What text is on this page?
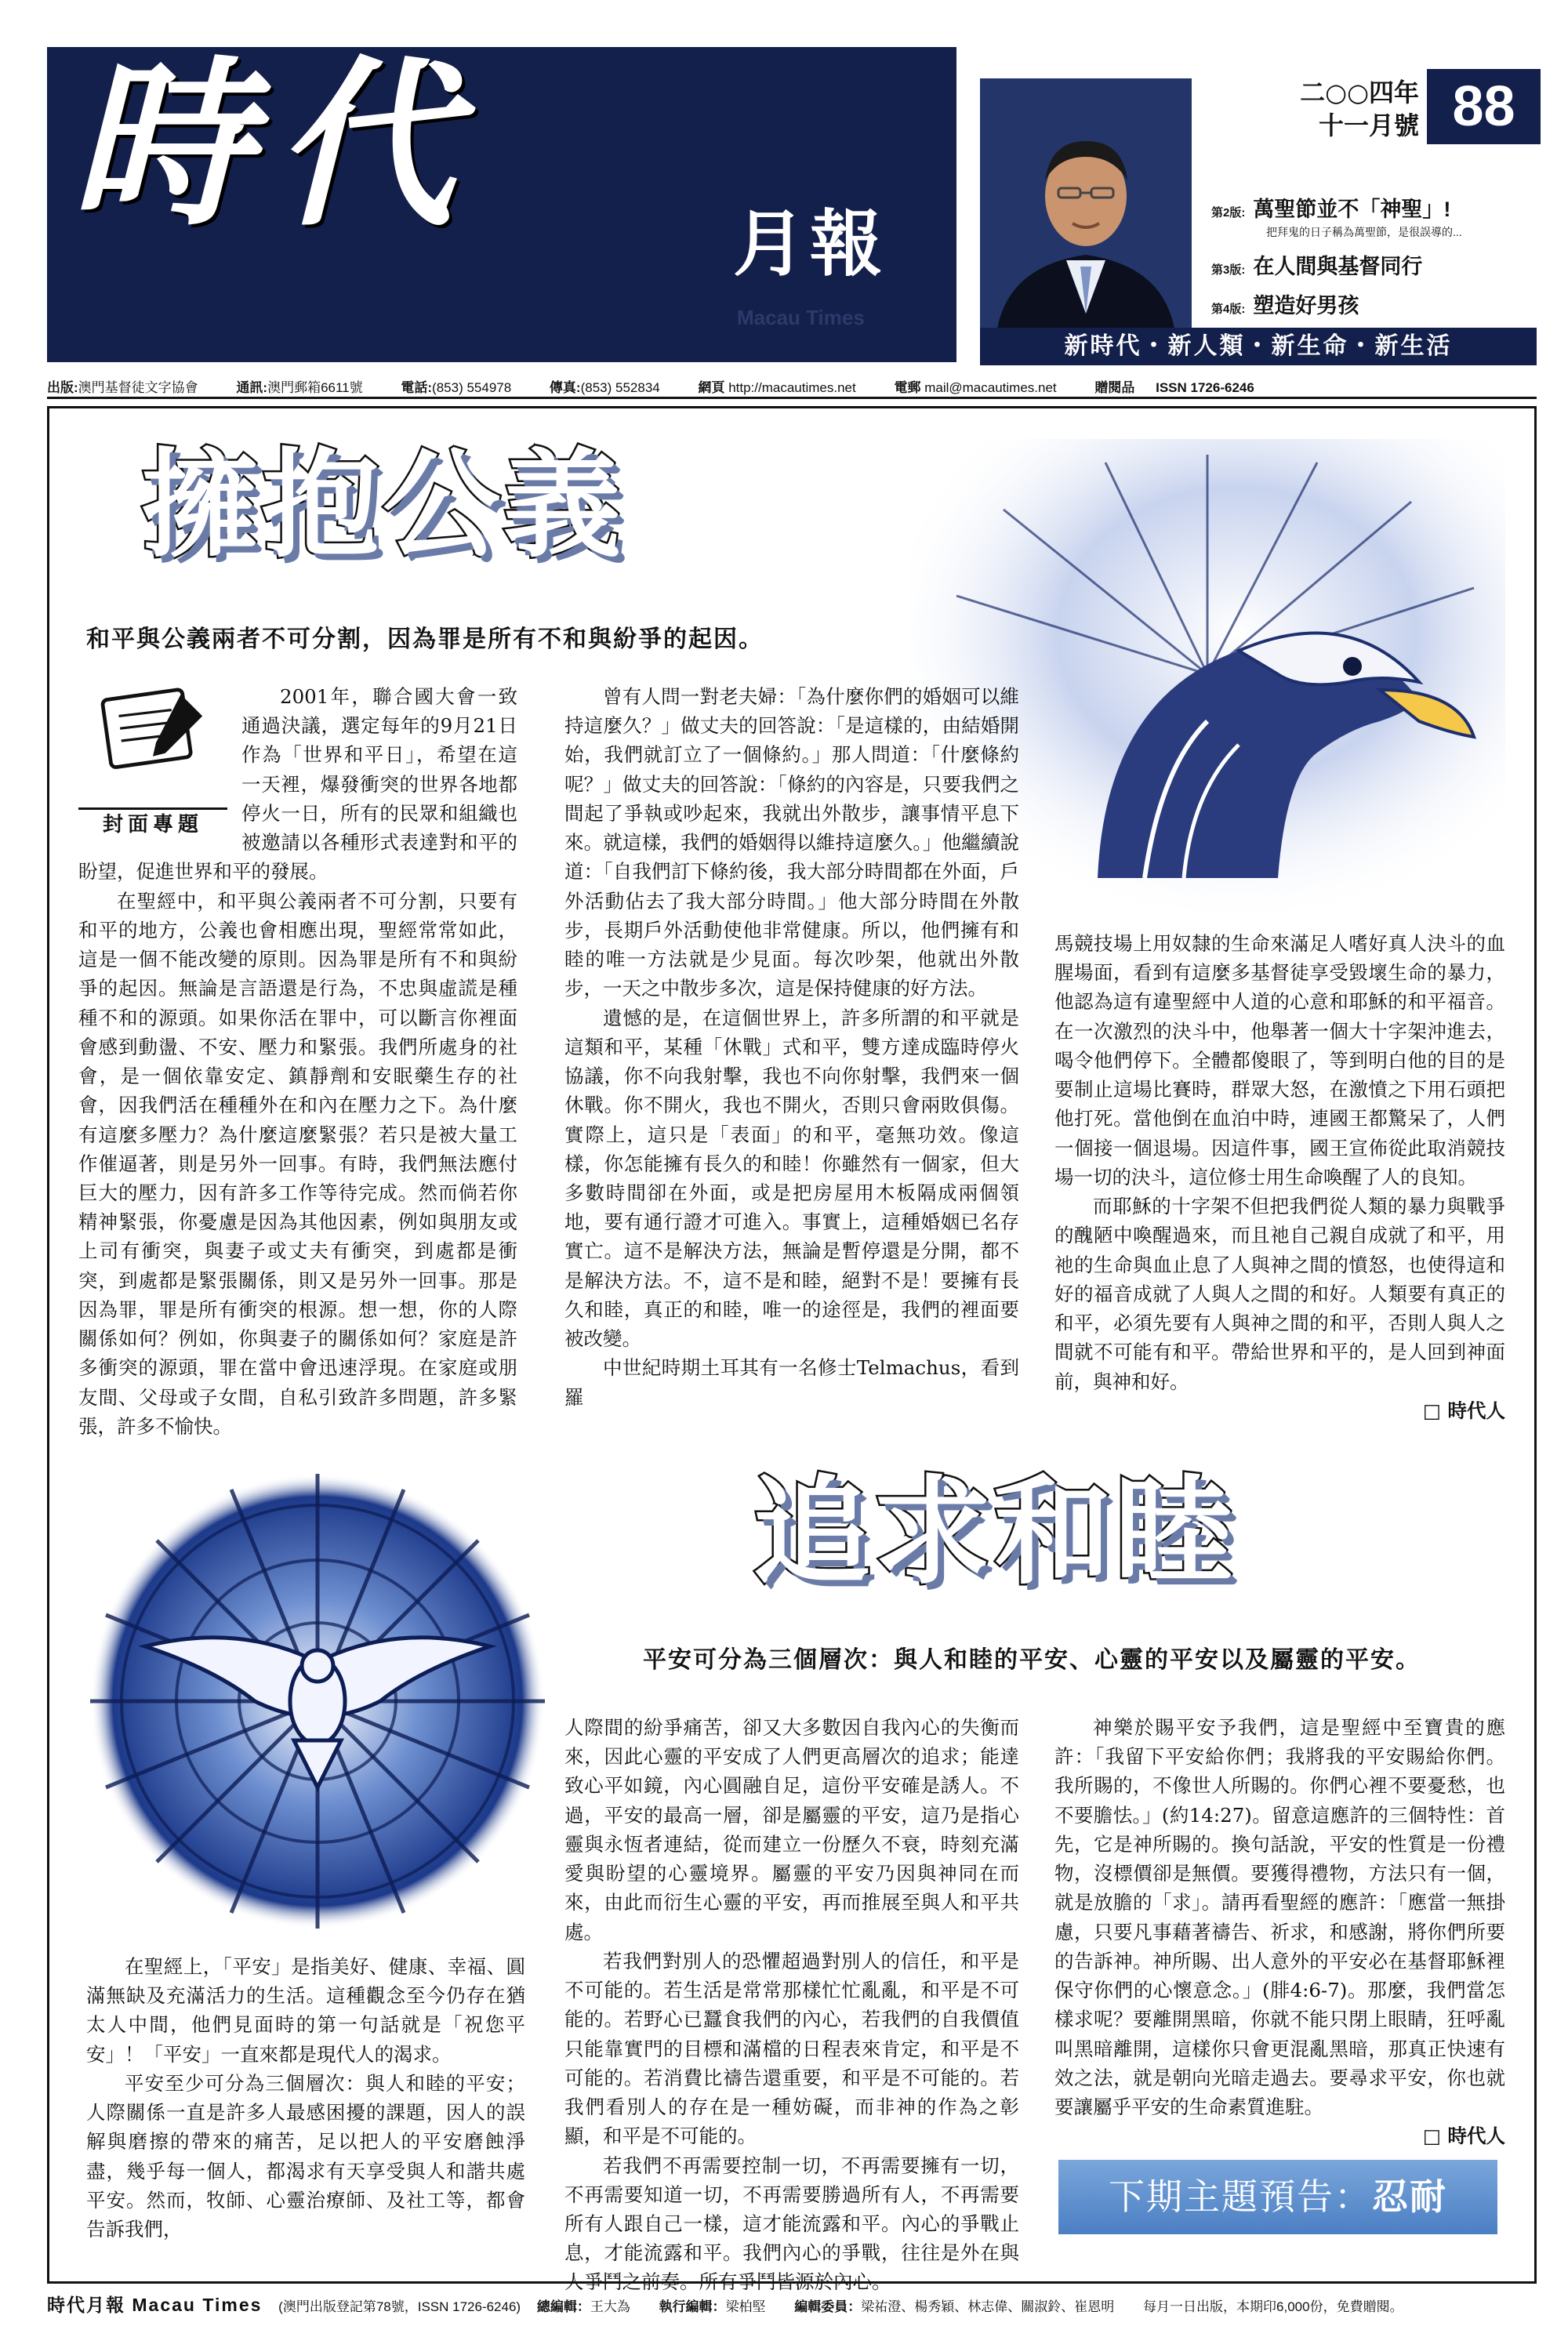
時代	月報
Macau Times
二○○四年
十一月號 88
第2版: 萬聖節並不「神聖」!
把拜鬼的日子稱為萬聖節，是很誤導的...
第3版: 在人間與基督同行
第4版: 塑造好男孩
新時代・新人類・新生命・新生活
出版:澳門基督徒文字協會	通訊:澳門郵箱6611號	電話:(853) 554978	傳真:(853) 552834	網頁 http://macautimes.net	電郵 mail@macautimes.net	贈閱品 ISSN 1726-6246
擁抱公義
和平與公義兩者不可分割，因為罪是所有不和與紛爭的起因。
封面專題

2001年，聯合國大會一致通過決議，選定每年的9月21日作為「世界和平日」，希望在這一天裡，爆發衝突的世界各地都停火一日，所有的民眾和組織也被邀請以各種形式表達對和平的盼望，促進世界和平的發展。

在聖經中，和平與公義兩者不可分割，只要有和平的地方，公義也會相應出現，聖經常常如此，這是一個不能改變的原則。因為罪是所有不和與紛爭的起因。無論是言語還是行為，不忠與虛謊是種種不和的源頭。如果你活在罪中，可以斷言你裡面會感到動盪、不安、壓力和緊張。我們所處身的社會，是一個依靠安定、鎮靜劑和安眠藥生存的社會，因我們活在種種外在和內在壓力之下。為什麼有這麼多壓力？為什麼這麼緊張？若只是被大量工作催逼著，則是另外一回事。有時，我們無法應付巨大的壓力，因有許多工作等待完成。然而倘若你精神緊張，你憂慮是因為其他因素，例如與朋友或上司有衝突，與妻子或丈夫有衝突，到處都是衝突，到處都是緊張關係，則又是另外一回事。那是因為罪，罪是所有衝突的根源。想一想，你的人際關係如何？例如，你與妻子的關係如何？家庭是許多衝突的源頭，罪在當中會迅速浮現。在家庭或朋友間、父母或子女間，自私引致許多問題，許多緊張，許多不愉快。

曾有人問一對老夫婦：「為什麼你們的婚姻可以維持這麼久？」做丈夫的回答說：「是這樣的，由結婚開始，我們就訂立了一個條約。」那人問道：「什麼條約呢？」做丈夫的回答說：「條約的內容是，只要我們之間起了爭執或吵起來，我就出外散步，讓事情平息下來。就這樣，我們的婚姻得以維持這麼久。」他繼續說道：「自我們訂下條約後，我大部分時間都在外面，戶外活動佔去了我大部分時間。」他大部分時間在外散步，長期戶外活動使他非常健康。所以，他們擁有和睦的唯一方法就是少見面。每次吵架，他就出外散步，一天之中散步多次，這是保持健康的好方法。

遺憾的是，在這個世界上，許多所謂的和平就是這類和平，某種「休戰」式和平，雙方達成臨時停火協議，你不向我射擊，我也不向你射擊，我們來一個休戰。你不開火，我也不開火，否則只會兩敗俱傷。實際上，這只是「表面」的和平，毫無功效。像這樣，你怎能擁有長久的和睦！你雖然有一個家，但大多數時間卻在外面，或是把房屋用木板隔成兩個領地，要有通行證才可進入。事實上，這種婚姻已名存實亡。這不是解決方法，無論是暫停還是分開，都不是解決方法。不，這不是和睦，絕對不是！要擁有長久和睦，真正的和睦，唯一的途徑是，我們的裡面要被改變。

中世紀時期土耳其有一名修士Telmachus，看到羅

馬競技場上用奴隸的生命來滿足人嗜好真人決斗的血腥場面，看到有這麼多基督徒享受毀壞生命的暴力，他認為這有違聖經中人道的心意和耶穌的和平福音。在一次激烈的決斗中，他舉著一個大十字架沖進去，喝令他們停下。全體都傻眼了，等到明白他的目的是要制止這場比賽時，群眾大怒，在激憤之下用石頭把他打死。當他倒在血泊中時，連國王都驚呆了，人們一個接一個退場。因這件事，國王宣佈從此取消競技場一切的決斗，這位修士用生命喚醒了人的良知。

而耶穌的十字架不但把我們從人類的暴力與戰爭的醜陋中喚醒過來，而且祂自己親自成就了和平，用祂的生命與血止息了人與神之間的憤怒，也使得這和好的福音成就了人與人之間的和好。人類要有真正的和平，必須先要有人與神之間的和平，否則人與人之間就不可能有和平。帶給世界和平的，是人回到神面前，與神和好。

□ 時代人
追求和睦
平安可分為三個層次：與人和睦的平安、心靈的平安以及屬靈的平安。

在聖經上，「平安」是指美好、健康、幸福、圓滿無缺及充滿活力的生活。這種觀念至今仍存在猶太人中間，他們見面時的第一句話就是「祝您平安」！「平安」一直來都是現代人的渴求。

平安至少可分為三個層次：與人和睦的平安；人際關係一直是許多人最感困擾的課題，因人的誤解與磨擦的帶來的痛苦，足以把人的平安磨蝕淨盡，幾乎每一個人，都渴求有天享受與人和諧共處平安。然而，牧師、心靈治療師、及社工等，都會告訴我們，

人際間的紛爭痛苦，卻又大多數因自我內心的失衡而來，因此心靈的平安成了人們更高層次的追求；能達致心平如鏡，內心圓融自足，這份平安確是誘人。不過，平安的最高一層，卻是屬靈的平安，這乃是指心靈與永恆者連結，從而建立一份歷久不衰，時刻充滿愛與盼望的心靈境界。屬靈的平安乃因與神同在而來，由此而衍生心靈的平安，再而推展至與人和平共處。

若我們對別人的恐懼超過對別人的信任，和平是不可能的。若生活是常常那樣忙忙亂亂，和平是不可能的。若野心已蠶食我們的內心，若我們的自我價值只能靠實門的目標和滿檔的日程表來肯定，和平是不可能的。若消費比禱告還重要，和平是不可能的。若我們看別人的存在是一種妨礙，而非神的作為之彰顯，和平是不可能的。

若我們不再需要控制一切，不再需要擁有一切，不再需要知道一切，不再需要勝過所有人，不再需要所有人跟自己一樣，這才能流露和平。內心的爭戰止息，才能流露和平。我們內心的爭戰，往往是外在與人爭鬥之前奏。所有爭鬥皆源於內心。

神樂於賜平安予我們，這是聖經中至寶貴的應許：「我留下平安給你們；我將我的平安賜給你們。我所賜的，不像世人所賜的。你們心裡不要憂愁，也不要膽怯。」(約14:27)。留意這應許的三個特性：首先，它是神所賜的。換句話說，平安的性質是一份禮物，沒標價卻是無價。要獲得禮物，方法只有一個，就是放膽的「求」。請再看聖經的應許：「應當一無掛慮，只要凡事藉著禱告、祈求，和感謝，將你們所要的告訴神。神所賜、出人意外的平安必在基督耶穌裡保守你們的心懷意念。」(腓4:6-7)。那麼，我們當怎樣求呢？要離開黑暗，你就不能只閉上眼睛，狂呼亂叫黑暗離開，這樣你只會更混亂黑暗，那真正快速有效之法，就是朝向光暗走過去。要尋求平安，你也就要讓屬乎平安的生命素質進駐。

□ 時代人
下期主題預告：忍耐
時代月報 Macau Times (澳門出版登記第78號，ISSN 1726-6246) 總編輯：王大為 執行編輯：梁柏堅 編輯委員：梁祐澄、楊秀穎、林志偉、關淑鈴、崔恩明 每月一日出版，本期印6,000份，免費贈閱。
